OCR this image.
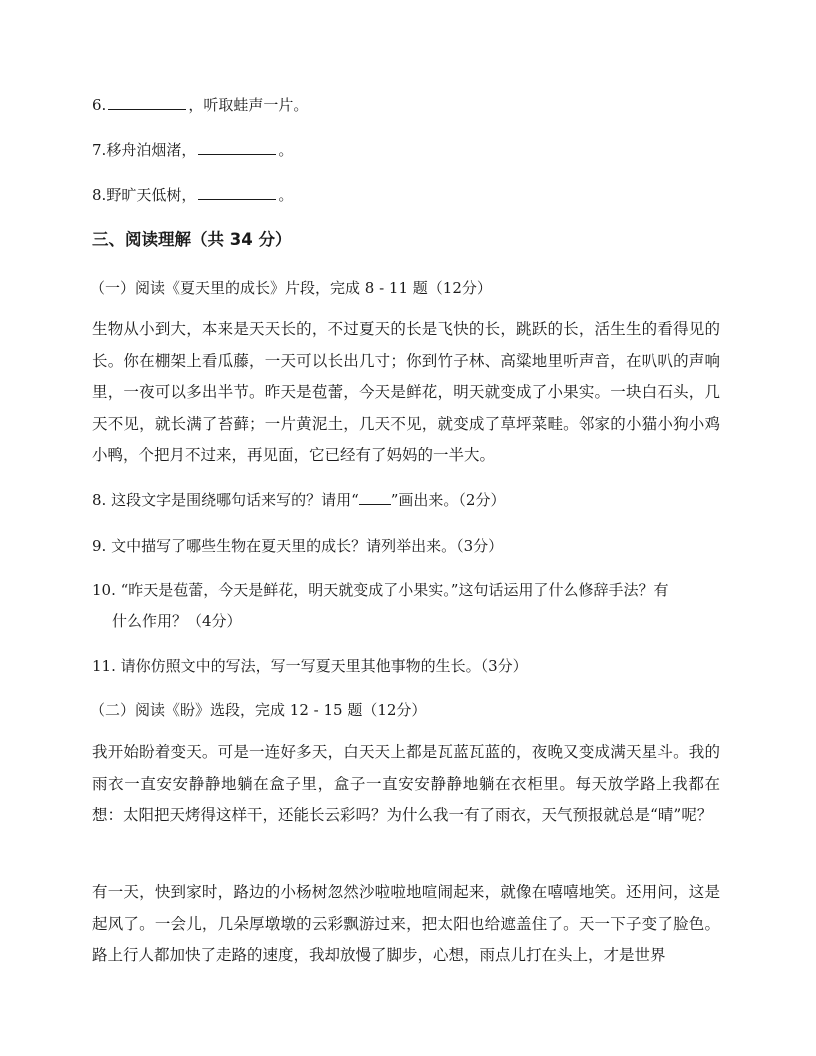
6.	，听取蛙声一片。
7.移舟泊烟渚，	。
8.野旷天低树，	。
三、阅读理解（共 34 分）
（一）阅读《夏天里的成长》片段，完成 8 - 11 题（12分）
生物从小到大，本来是天天长的，不过夏天的长是飞快的长，跳跃的长，活生生的看得见的长。你在棚架上看瓜藤，一天可以长出几寸；你到竹子林、高粱地里听声音，在叭叭的声响里，一夜可以多出半节。昨天是苞蕾，今天是鲜花，明天就变成了小果实。一块白石头，几天不见，就长满了苔藓；一片黄泥土，几天不见，就变成了草坪菜畦。邻家的小猫小狗小鸡小鸭，个把月不过来，再见面，它已经有了妈妈的一半大。
8. 这段文字是围绕哪句话来写的？请用“ ”画出来。（2分）
9. 文中描写了哪些生物在夏天里的成长？请列举出来。（3分）
10. “昨天是苞蕾，今天是鲜花，明天就变成了小果实。”这句话运用了什么修辞手法？有
什么作用？（4分）
11. 请你仿照文中的写法，写一写夏天里其他事物的生长。（3分）
（二）阅读《盼》选段，完成 12 - 15 题（12分）
我开始盼着变天。可是一连好多天，白天天上都是瓦蓝瓦蓝的，夜晚又变成满天星斗。我的雨衣一直安安静静地躺在盒子里，盒子一直安安静静地躺在衣柜里。每天放学路上我都在想：太阳把天烤得这样干，还能长云彩吗？为什么我一有了雨衣，天气预报就总是“晴”呢？
有一天，快到家时，路边的小杨树忽然沙啦啦地喧闹起来，就像在嘻嘻地笑。还用问，这是起风了。一会儿，几朵厚墩墩的云彩飘游过来，把太阳也给遮盖住了。天一下子变了脸色。路上行人都加快了走路的速度，我却放慢了脚步，心想，雨点儿打在头上，才是世界
